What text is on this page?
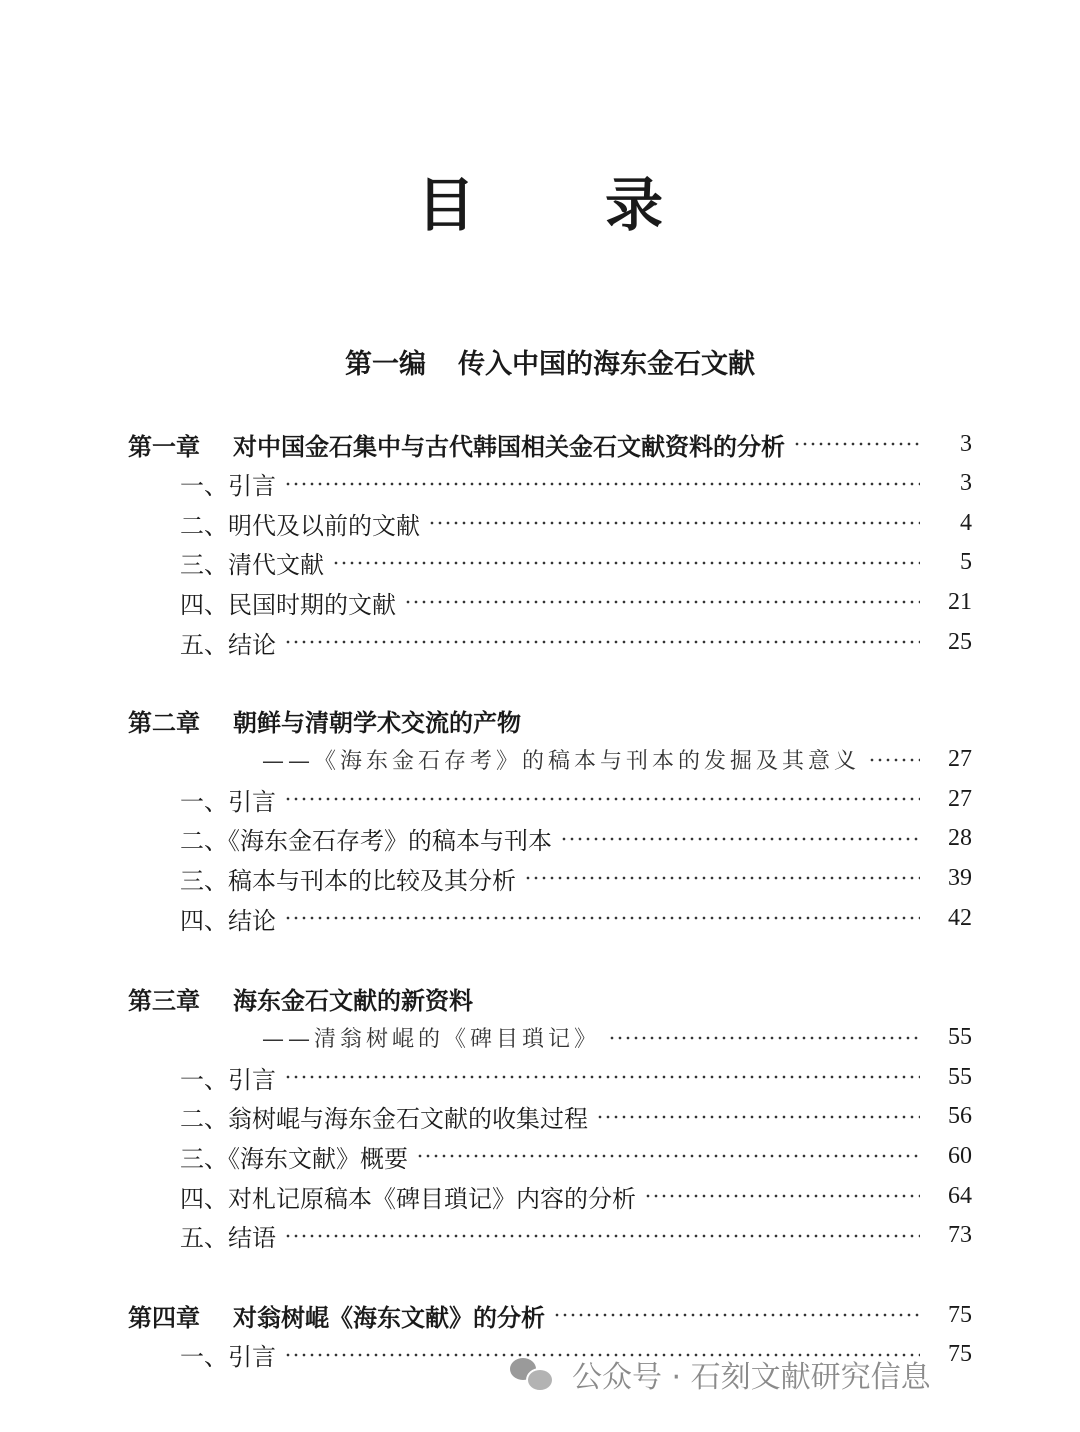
目　录
第一编 传入中国的海东金石文献
第一章 对中国金石集中与古代韩国相关金石文献资料的分析	3
一、引言	3
二、明代及以前的文献	4
三、清代文献	5
四、民国时期的文献	21
五、结论	25
第二章 朝鲜与清朝学术交流的产物
——《海东金石存考》的稿本与刊本的发掘及其意义	27
一、引言	27
二、《海东金石存考》的稿本与刊本	28
三、稿本与刊本的比较及其分析	39
四、结论	42
第三章 海东金石文献的新资料
——清翁树崐的《碑目瑣记》	55
一、引言	55
二、翁树崐与海东金石文献的收集过程	56
三、《海东文献》概要	60
四、对札记原稿本《碑目瑣记》内容的分析	64
五、结语	73
第四章 对翁树崐《海东文献》的分析	75
一、引言	75
公众号 · 石刻文献研究信息
